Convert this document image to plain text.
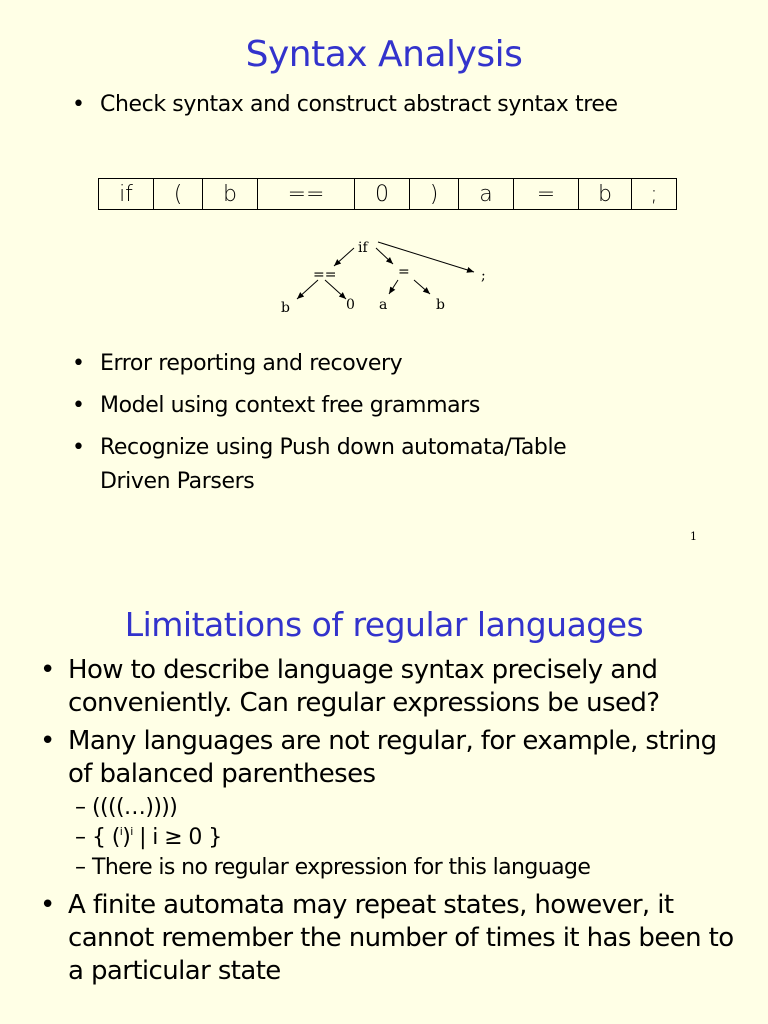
Syntax Analysis
• Check syntax and construct abstract syntax tree
if	(	b	==	0	)	a	=	b	;
if
==	=	;
b	0 a	b
• Error reporting and recovery
• Model using context free grammars
• Recognize using Push down automata/Table Driven Parsers
1
Limitations of regular languages
• How to describe language syntax precisely and conveniently. Can regular expressions be used?
• Many languages are not regular, for example, string of balanced parentheses
– ((((…))))
– { $(^i)^i$ | i ≥ 0 }
– There is no regular expression for this language
• A finite automata may repeat states, however, it cannot remember the number of times it has been to a particular state
